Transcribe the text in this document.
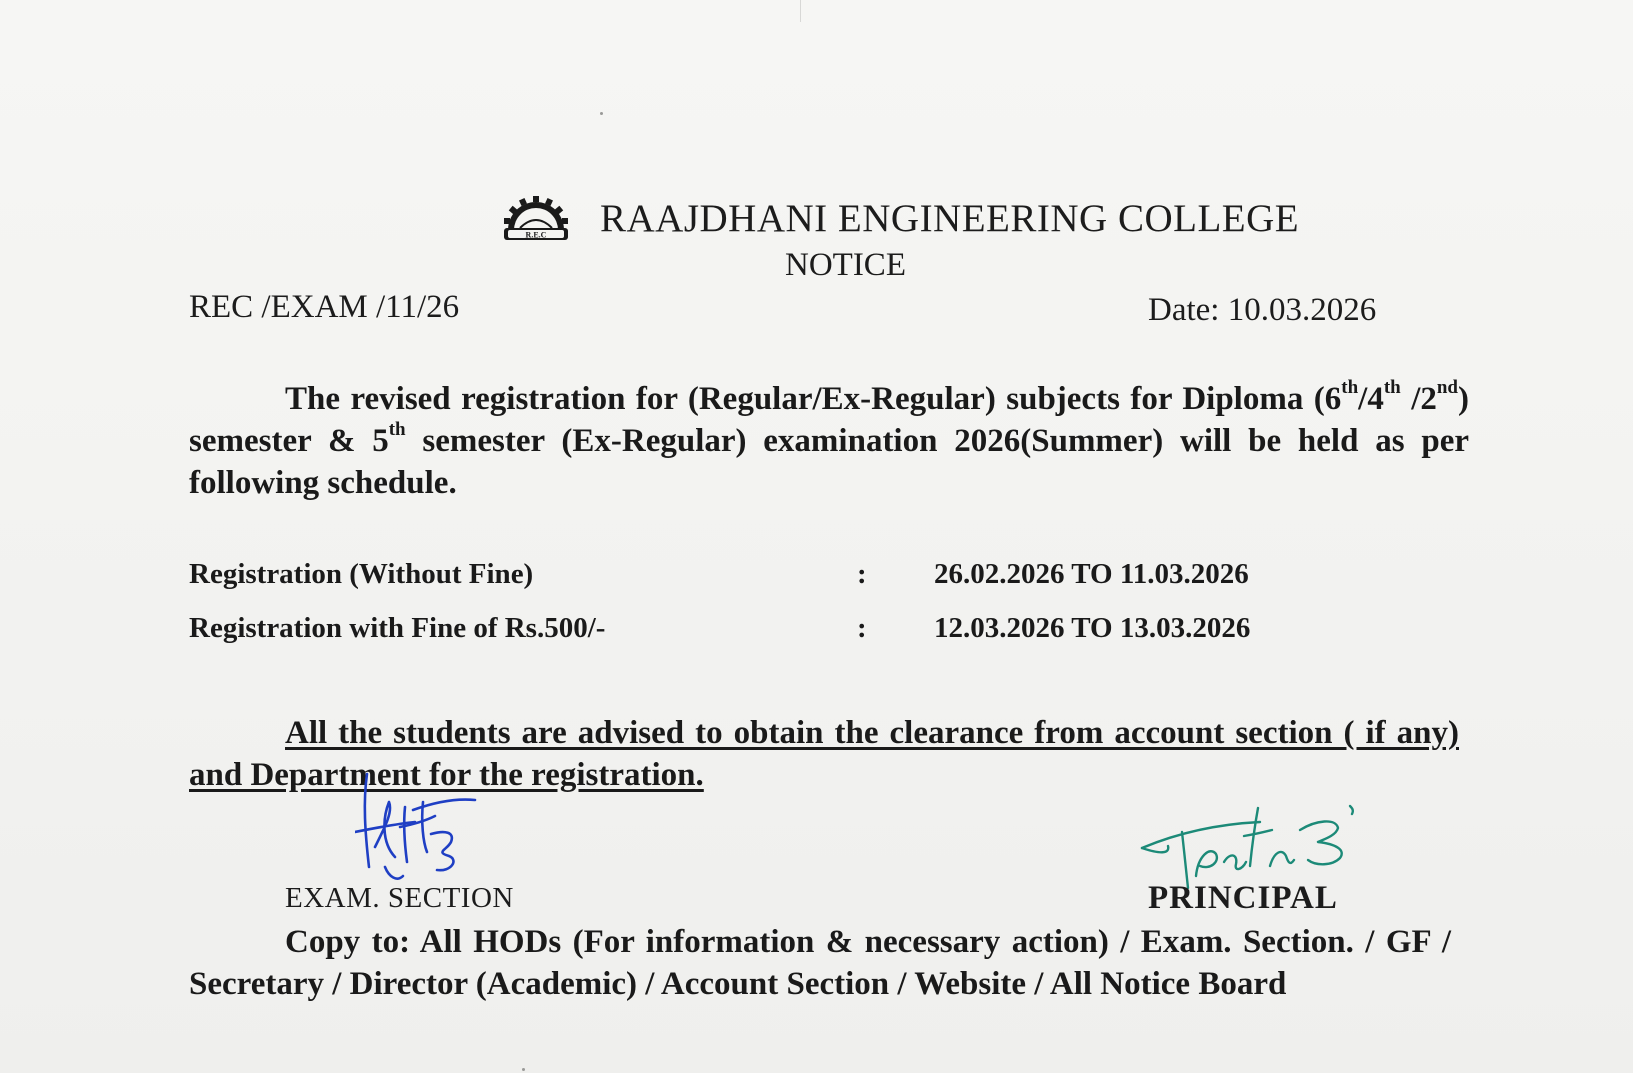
R.E.C RAAJDHANI ENGINEERING COLLEGE
NOTICE
REC /EXAM /11/26	Date: 10.03.2026
The revised registration for (Regular/Ex-Regular) subjects for Diploma (6th/4th /2nd) semester & 5th semester (Ex-Regular) examination 2026(Summer) will be held as per following schedule.
Registration (Without Fine)	: 26.02.2026 TO 11.03.2026
Registration with Fine of Rs.500/-	: 12.03.2026 TO 13.03.2026
All the students are advised to obtain the clearance from account section ( if any) and Department for the registration.
EXAM. SECTION	PRINCIPAL
Copy to: All HODs (For information & necessary action) / Exam. Section. / GF / Secretary / Director (Academic) / Account Section / Website / All Notice Board
